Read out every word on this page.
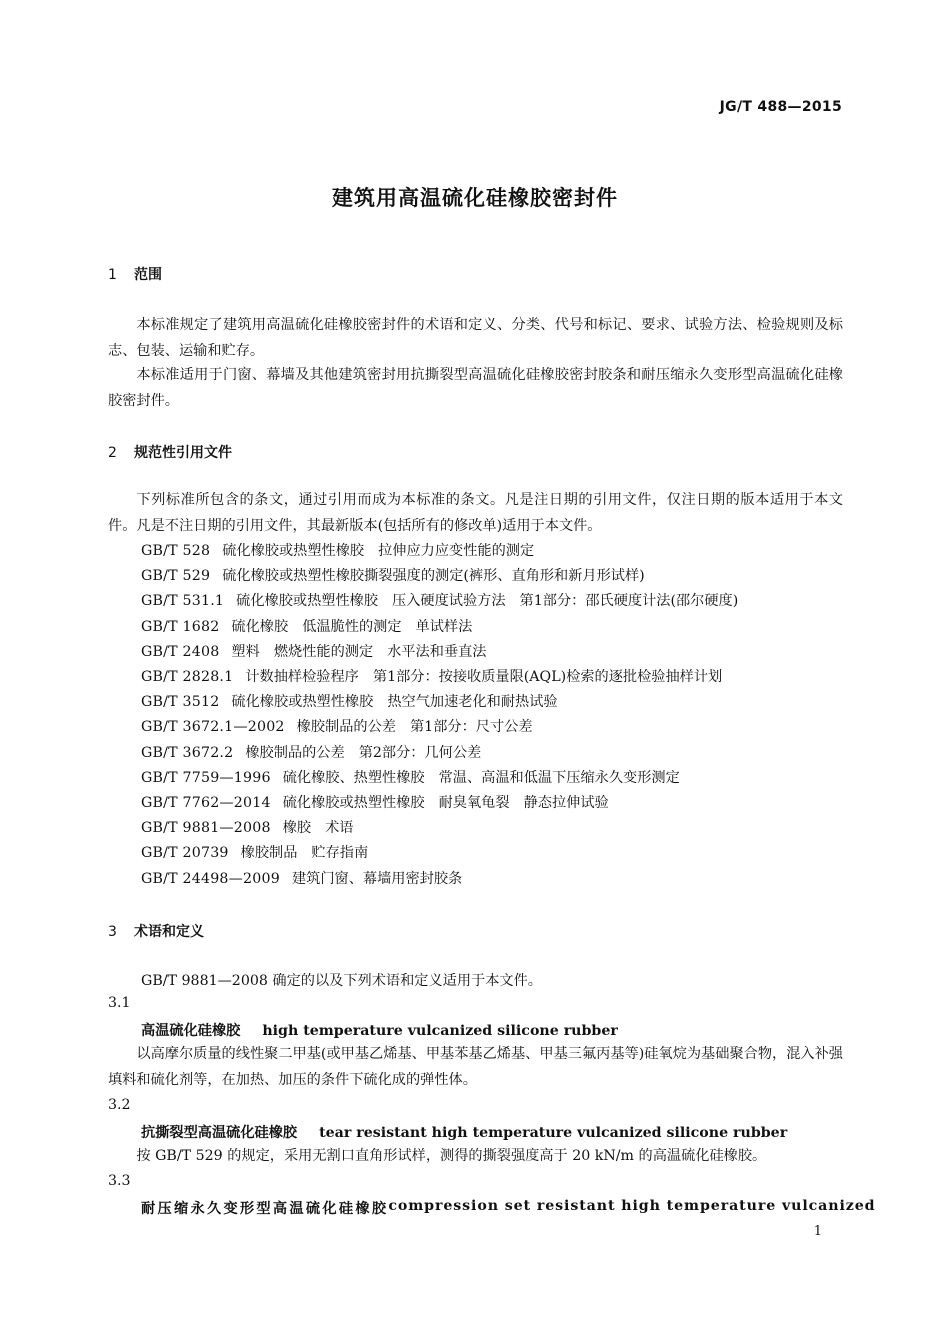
JG/T 488—2015
建筑用高温硫化硅橡胶密封件
1 范围
本标准规定了建筑用高温硫化硅橡胶密封件的术语和定义、分类、代号和标记、要求、试验方法、检验规则及标志、包装、运输和贮存。
本标准适用于门窗、幕墙及其他建筑密封用抗撕裂型高温硫化硅橡胶密封胶条和耐压缩永久变形型高温硫化硅橡胶密封件。
2 规范性引用文件
下列标准所包含的条文，通过引用而成为本标准的条文。凡是注日期的引用文件，仅注日期的版本适用于本文件。凡是不注日期的引用文件，其最新版本(包括所有的修改单)适用于本文件。
GB/T 528 硫化橡胶或热塑性橡胶 拉伸应力应变性能的测定
GB/T 529 硫化橡胶或热塑性橡胶撕裂强度的测定(裤形、直角形和新月形试样)
GB/T 531.1 硫化橡胶或热塑性橡胶 压入硬度试验方法 第1部分：邵氏硬度计法(邵尔硬度)
GB/T 1682 硫化橡胶 低温脆性的测定 单试样法
GB/T 2408 塑料 燃烧性能的测定 水平法和垂直法
GB/T 2828.1 计数抽样检验程序 第1部分：按接收质量限(AQL)检索的逐批检验抽样计划
GB/T 3512 硫化橡胶或热塑性橡胶 热空气加速老化和耐热试验
GB/T 3672.1—2002 橡胶制品的公差 第1部分：尺寸公差
GB/T 3672.2 橡胶制品的公差 第2部分：几何公差
GB/T 7759—1996 硫化橡胶、热塑性橡胶 常温、高温和低温下压缩永久变形测定
GB/T 7762—2014 硫化橡胶或热塑性橡胶 耐臭氧龟裂 静态拉伸试验
GB/T 9881—2008 橡胶 术语
GB/T 20739 橡胶制品 贮存指南
GB/T 24498—2009 建筑门窗、幕墙用密封胶条
3 术语和定义
GB/T 9881—2008 确定的以及下列术语和定义适用于本文件。
3.1
高温硫化硅橡胶 high temperature vulcanized silicone rubber
以高摩尔质量的线性聚二甲基(或甲基乙烯基、甲基苯基乙烯基、甲基三氟丙基等)硅氧烷为基础聚合物，混入补强填料和硫化剂等，在加热、加压的条件下硫化成的弹性体。
3.2
抗撕裂型高温硫化硅橡胶 tear resistant high temperature vulcanized silicone rubber
按 GB/T 529 的规定，采用无割口直角形试样，测得的撕裂强度高于 20 kN/m 的高温硫化硅橡胶。
3.3
耐压缩永久变形型高温硫化硅橡胶 compression set resistant high temperature vulcanized
1
